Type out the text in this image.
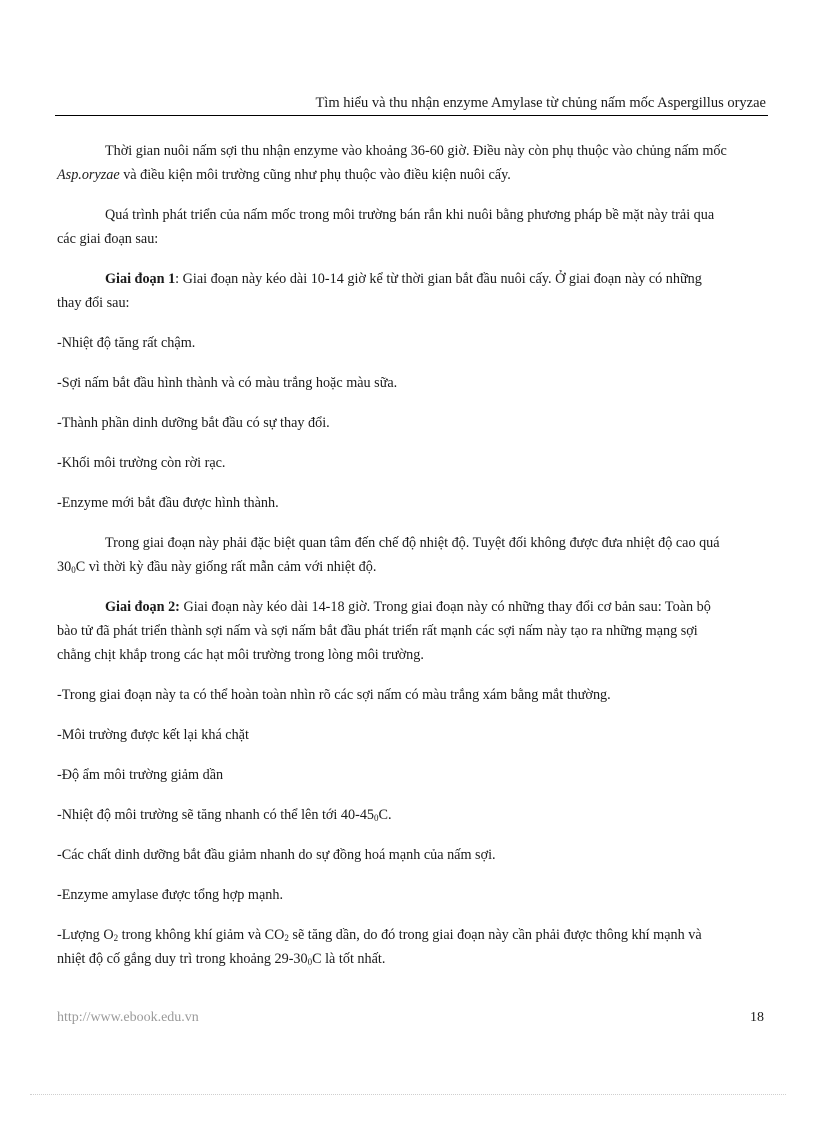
Tìm hiểu và thu nhận enzyme Amylase từ chủng nấm mốc Aspergillus oryzae

Thời gian nuôi nấm sợi thu nhận enzyme vào khoảng 36-60 giờ. Điều này còn phụ thuộc vào chủng nấm mốc Asp.oryzae và điều kiện môi trường cũng như phụ thuộc vào điều kiện nuôi cấy.

Quá trình phát triển của nấm mốc trong môi trường bán rắn khi nuôi bằng phương pháp bề mặt này trải qua các giai đoạn sau:

Giai đoạn 1: Giai đoạn này kéo dài 10-14 giờ kể từ thời gian bắt đầu nuôi cấy. Ở giai đoạn này có những thay đổi sau:

-Nhiệt độ tăng rất chậm.

-Sợi nấm bắt đầu hình thành và có màu trắng hoặc màu sữa.

-Thành phần dinh dưỡng bắt đầu có sự thay đổi.

-Khối môi trường còn rời rạc.

-Enzyme mới bắt đầu được hình thành.

Trong giai đoạn này phải đặc biệt quan tâm đến chế độ nhiệt độ. Tuyệt đối không được đưa nhiệt độ cao quá $30_0C$ vì thời kỳ đầu này giống rất mẫn cảm với nhiệt độ.

Giai đoạn 2: Giai đoạn này kéo dài 14-18 giờ. Trong giai đoạn này có những thay đổi cơ bản sau: Toàn bộ bào tử đã phát triển thành sợi nấm và sợi nấm bắt đầu phát triển rất mạnh các sợi nấm này tạo ra những mạng sợi chằng chịt khắp trong các hạt môi trường trong lòng môi trường.

-Trong giai đoạn này ta có thể hoàn toàn nhìn rõ các sợi nấm có màu trắng xám bằng mắt thường.

-Môi trường được kết lại khá chặt

-Độ ẩm môi trường giảm dần

-Nhiệt độ môi trường sẽ tăng nhanh có thể lên tới $40-45_0C$.

-Các chất dinh dưỡng bắt đầu giảm nhanh do sự đồng hoá mạnh của nấm sợi.

-Enzyme amylase được tổng hợp mạnh.

-Lượng $O_2$ trong không khí giảm và $CO_2$ sẽ tăng dần, do đó trong giai đoạn này cần phải được thông khí mạnh và nhiệt độ cố gắng duy trì trong khoảng $29-30_0C$ là tốt nhất.

http://www.ebook.edu.vn	18
